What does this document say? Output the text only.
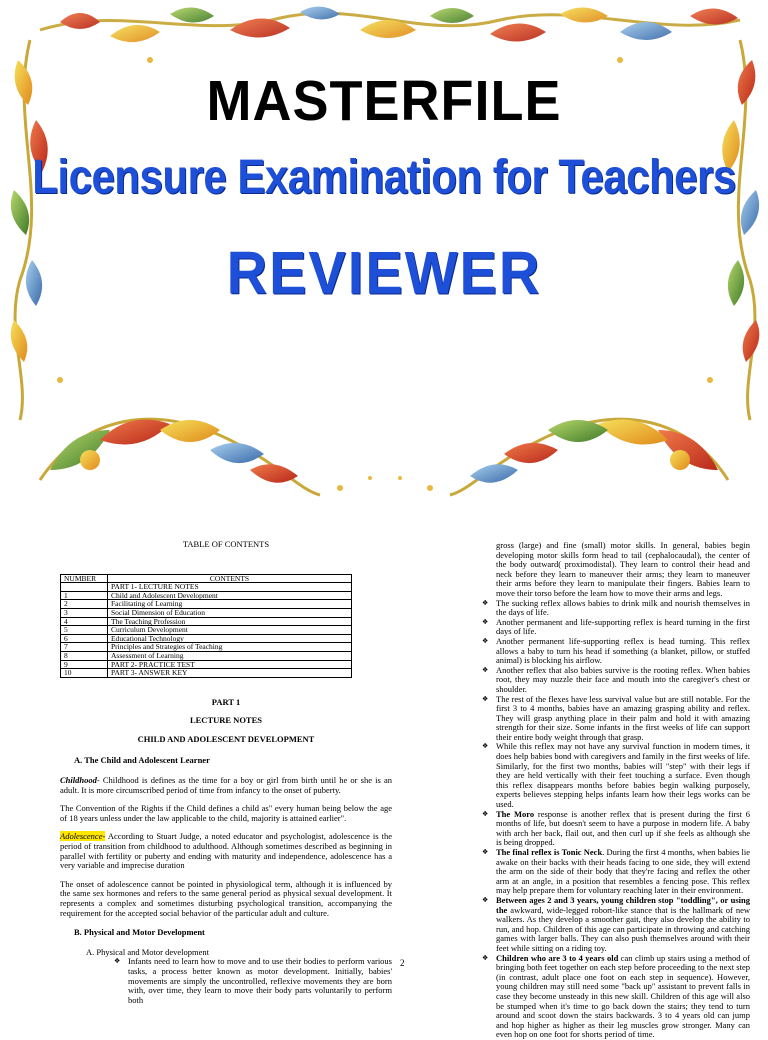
MASTERFILE
Licensure Examination for Teachers
REVIEWER

TABLE OF CONTENTS

NUMBER	CONTENTS
	PART 1- LECTURE NOTES
1	Child and Adolescent Development
2	Facilitating of Learning
3	Social Dimension of Education
4	The Teaching Profession
5	Curriculum Development
6	Educational Technology
7	Principles and Strategies of Teaching
8	Assessment of Learning
9	PART 2- PRACTICE TEST
10	PART 3- ANSWER KEY

PART 1

LECTURE NOTES

CHILD AND ADOLESCENT DEVELOPMENT

A. The Child and Adolescent Learner

Childhood- Childhood is defines as the time for a boy or girl from birth until he or she is an adult. It is more circumscribed period of time from infancy to the onset of puberty.

The Convention of the Rights if the Child defines a child as" every human being below the age of 18 years unless under the law applicable to the child, majority is attained earlier".

Adolescence- According to Stuart Judge, a noted educator and psychologist, adolescence is the period of transition from childhood to adulthood. Although sometimes described as beginning in parallel with fertility or puberty and ending with maturity and independence, adolescence has a very variable and imprecise duration

The onset of adolescence cannot be pointed in physiological term, although it is influenced by the same sex hormones and refers to the same general period as physical sexual development. It represents a complex and sometimes disturbing psychological transition, accompanying the requirement for the accepted social behavior of the particular adult and culture.

B. Physical and Motor Development

A. Physical and Motor development

❖ Infants need to learn how to move and to use their bodies to perform various tasks, a process better known as motor development. Initially, babies' movements are simply the uncontrolled, reflexive movements they are born with, over time, they learn to move their body parts voluntarily to perform both

gross (large) and fine (small) motor skills. In general, babies begin developing motor skills form head to tail (cephalocaudal), the center of the body outward( proximodistal). They learn to control their head and neck before they learn to maneuver their arms; they learn to maneuver their arms before they learn to manipulate their fingers. Babies learn to move their torso before the learn how to move their arms and legs.

❖ The sucking reflex allows babies to drink milk and nourish themselves in the days of life.

❖ Another permanent and life-supporting reflex is heard turning in the first days of life.

❖ Another permanent life-supporting reflex is head turning. This reflex allows a baby to turn his head if something (a blanket, pillow, or stuffed animal) is blocking his airflow.

❖ Another reflex that also babies survive is the rooting reflex. When babies root, they may nuzzle their face and mouth into the caregiver's chest or shoulder.

❖ The rest of the flexes have less survival value but are still notable. For the first 3 to 4 months, babies have an amazing grasping ability and reflex. They will grasp anything place in their palm and hold it with amazing strength for their size. Some infants in the first weeks of life can support their entire body weight through that grasp.

❖ While this reflex may not have any survival function in modern times, it does help babies bond with caregivers and family in the first weeks of life. Similarly, for the first two months, babies will "step" with their legs if they are held vertically with their feet touching a surface. Even though this reflex disappears months before babies begin walking purposely, experts believes stepping helps infants learn how their legs works can be used.

❖ The Moro response is another reflex that is present during the first 6 months of life, but doesn't seem to have a purpose in modern life. A baby with arch her back, flail out, and then curl up if she feels as although she is being dropped.

❖ The final reflex is Tonic Neck. During the first 4 months, when babies lie awake on their backs with their heads facing to one side, they will extend the arm on the side of their body that they're facing and reflex the other arm at an angle, in a position that resembles a fencing pose. This reflex may help prepare them for voluntary reaching later in their environment.

❖ Between ages 2 and 3 years, young children stop "toddling", or using the awkward, wide-legged robort-like stance that is the hallmark of new walkers. As they develop a smoother gait, they also develop the ability to run, and hop. Children of this age can participate in throwing and catching games with larger balls. They can also push themselves around with their feet while sitting on a riding toy.

❖ Children who are 3 to 4 years old can climb up stairs using a method of bringing both feet together on each step before proceeding to the next step (in contrast, adult place one foot on each step in sequence). However, young children may still need some "back up" assistant to prevent falls in case they become unsteady in this new skill. Children of this age will also be stumped when it's time to go back down the stairs; they tend to turn around and scoot down the stairs backwards. 3 to 4 years old can jump and hop higher as higher as their leg muscles grow stronger. Many can even hop on one foot for shorts period of time.

2
